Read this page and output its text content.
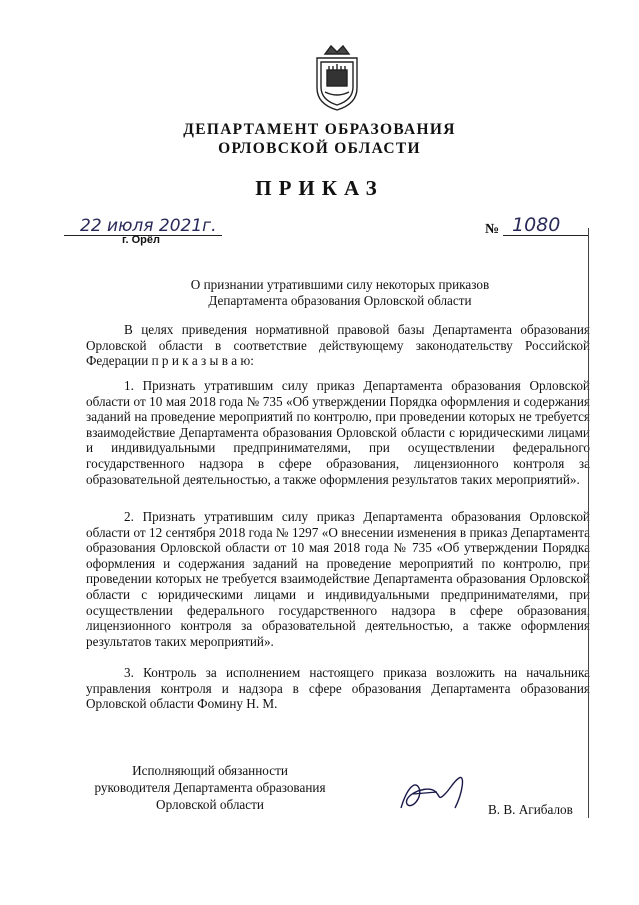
ДЕПАРТАМЕНТ ОБРАЗОВАНИЯ
ОРЛОВСКОЙ ОБЛАСТИ
ПРИКАЗ
22 июля 2021г.
г. Орёл
№ 1080
О признании утратившими силу некоторых приказов
Департамента образования Орловской области
В целях приведения нормативной правовой базы Департамента образования Орловской области в соответствие действующему законодательству Российской Федерации п р и к а з ы в а ю:
1. Признать утратившим силу приказ Департамента образования Орловской области от 10 мая 2018 года № 735 «Об утверждении Порядка оформления и содержания заданий на проведение мероприятий по контролю, при проведении которых не требуется взаимодействие Департамента образования Орловской области с юридическими лицами и индивидуальными предпринимателями, при осуществлении федерального государственного надзора в сфере образования, лицензионного контроля за образовательной деятельностью, а также оформления результатов таких мероприятий».
2. Признать утратившим силу приказ Департамента образования Орловской области от 12 сентября 2018 года № 1297 «О внесении изменения в приказ Департамента образования Орловской области от 10 мая 2018 года № 735 «Об утверждении Порядка оформления и содержания заданий на проведение мероприятий по контролю, при проведении которых не требуется взаимодействие Департамента образования Орловской области с юридическими лицами и индивидуальными предпринимателями, при осуществлении федерального государственного надзора в сфере образования, лицензионного контроля за образовательной деятельностью, а также оформления результатов таких мероприятий».
3. Контроль за исполнением настоящего приказа возложить на начальника управления контроля и надзора в сфере образования Департамента образования Орловской области Фомину Н. М.
Исполняющий обязанности
руководителя Департамента образования
Орловской области	В. В. Агибалов
